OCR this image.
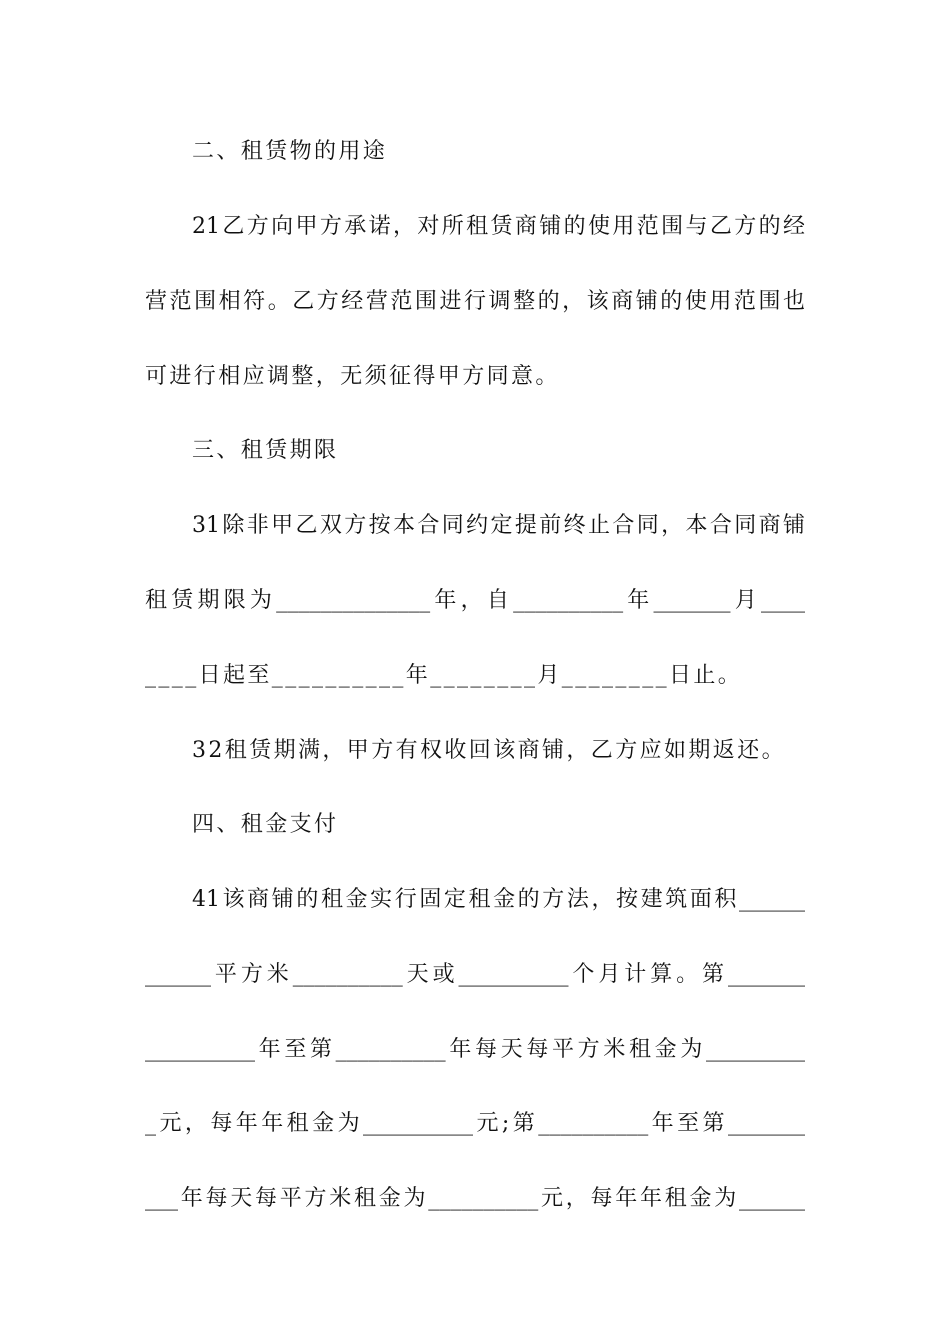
二、租赁物的用途
21乙方向甲方承诺，对所租赁商铺的使用范围与乙方的经
营范围相符。乙方经营范围进行调整的，该商铺的使用范围也
可进行相应调整，无须征得甲方同意。
三、租赁期限
31除非甲乙双方按本合同约定提前终止合同，本合同商铺
租赁期限为______________年，自__________年_______月____
____日起至__________年________月________日止。
32租赁期满，甲方有权收回该商铺，乙方应如期返还。
四、租金支付
41该商铺的租金实行固定租金的方法，按建筑面积______
______平方米__________天或__________个月计算。第_______
__________年至第__________年每天每平方米租金为_________
_元，每年年租金为__________元;第__________年至第_______
___年每天每平方米租金为__________元，每年年租金为______
